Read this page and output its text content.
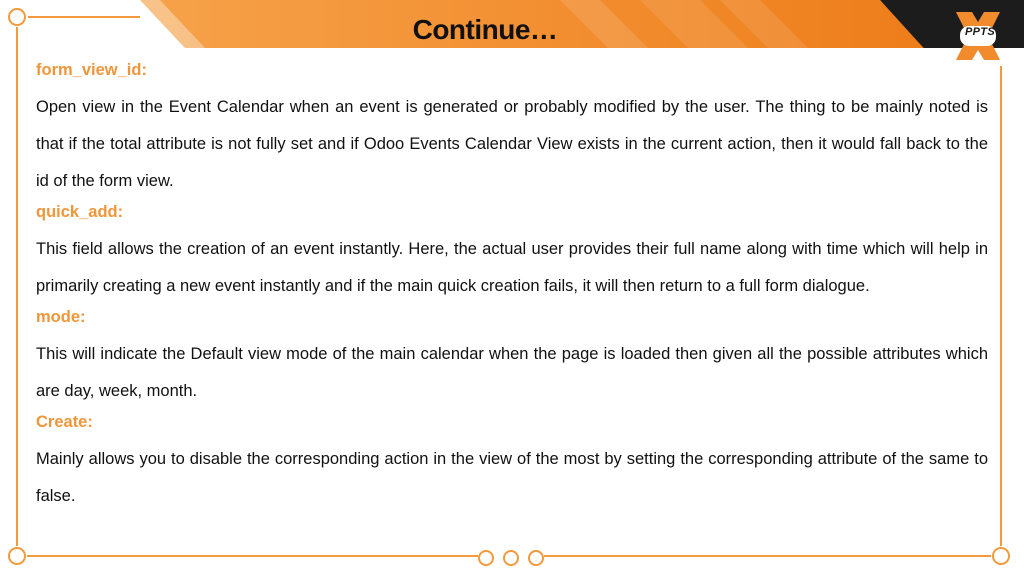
PPTS
Continue…

form_view_id:

Open view in the Event Calendar when an event is generated or probably modified by the user. The thing to be mainly noted is that if the total attribute is not fully set and if Odoo Events Calendar View exists in the current action, then it would fall back to the id of the form view.

quick_add:

This field allows the creation of an event instantly. Here, the actual user provides their full name along with time which will help in primarily creating a new event instantly and if the main quick creation fails, it will then return to a full form dialogue.

mode:

This will indicate the Default view mode of the main calendar when the page is loaded then given all the possible attributes which are day, week, month.

Create:

Mainly allows you to disable the corresponding action in the view of the most by setting the corresponding attribute of the same to false.
